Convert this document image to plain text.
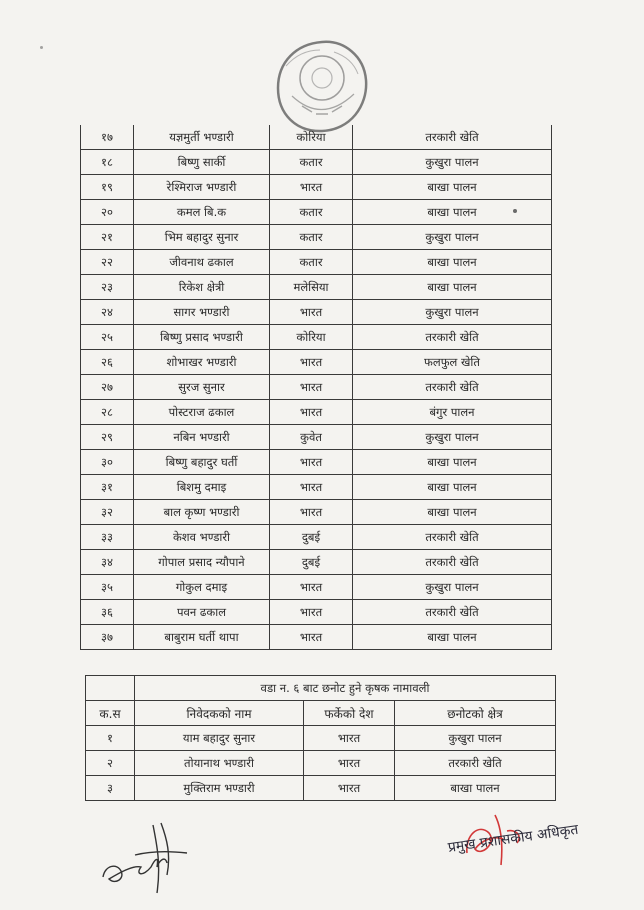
१७	यज्ञमुर्ती भण्डारी	कोरिया	तरकारी खेति
१८	बिष्णु सार्की	कतार	कुखुरा पालन
१९	रेश्मिराज भण्डारी	भारत	बाखा पालन
२०	कमल बि.क	कतार	बाखा पालन
२१	भिम बहादुर सुनार	कतार	कुखुरा पालन
२२	जीवनाथ ढकाल	कतार	बाखा पालन
२३	रिकेश क्षेत्री	मलेसिया	बाखा पालन
२४	सागर भण्डारी	भारत	कुखुरा पालन
२५	बिष्णु प्रसाद भण्डारी	कोरिया	तरकारी खेति
२६	शोभाखर भण्डारी	भारत	फलफुल खेति
२७	सुरज सुनार	भारत	तरकारी खेति
२८	पोस्टराज ढकाल	भारत	बंगुर पालन
२९	नबिन भण्डारी	कुवेत	कुखुरा पालन
३०	बिष्णु बहादुर घर्ती	भारत	बाखा पालन
३१	बिशमु दमाइ	भारत	बाखा पालन
३२	बाल कृष्ण भण्डारी	भारत	बाखा पालन
३३	केशव भण्डारी	दुबई	तरकारी खेति
३४	गोपाल प्रसाद न्यौपाने	दुबई	तरकारी खेति
३५	गोकुल दमाइ	भारत	कुखुरा पालन
३६	पवन ढकाल	भारत	तरकारी खेति
३७	बाबुराम घर्ती थापा	भारत	बाखा पालन
	वडा न. ६ बाट छनोट हुने कृषक नामावली		
क.स	निवेदकको नाम	फर्केको देश	छनोटको क्षेत्र
१	याम बहादुर सुनार	भारत	कुखुरा पालन
२	तोयानाथ भण्डारी	भारत	तरकारी खेति
३	मुक्तिराम भण्डारी	भारत	बाखा पालन
प्रमुख प्रशासकीय अधिकृत
